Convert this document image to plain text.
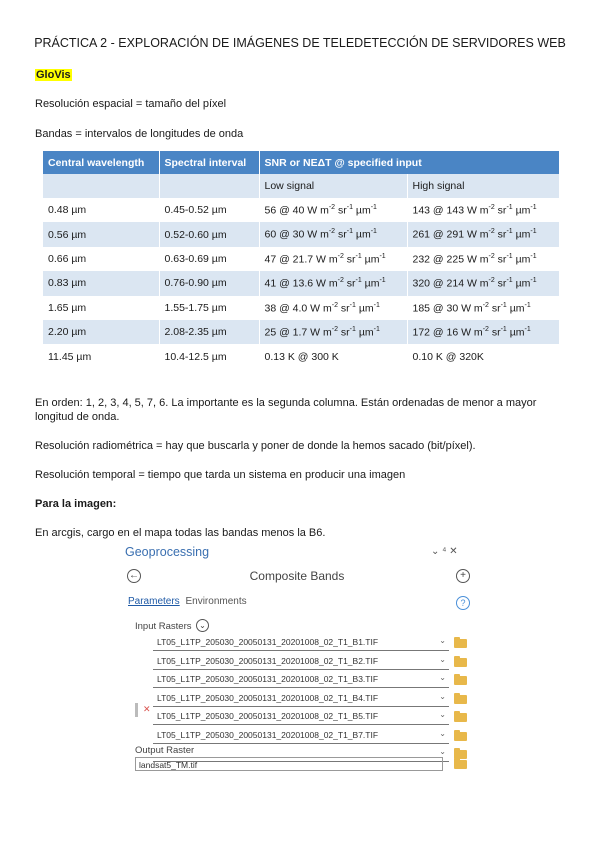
PRÁCTICA 2 - EXPLORACIÓN DE IMÁGENES DE TELEDETECCIÓN DE SERVIDORES WEB
GloVis
Resolución espacial = tamaño del píxel
Bandas = intervalos de longitudes de onda
Central wavelength	Spectral interval	SNR or NEΔT @ specified input	
		Low signal	High signal
0.48 µm	0.45-0.52 µm	56 @ 40 W $m^{-2}$ $sr^{-1}$ µm$^{-1}$	143 @ 143 W $m^{-2}$ $sr^{-1}$ µm$^{-1}$
0.56 µm	0.52-0.60 µm	60 @ 30 W $m^{-2}$ $sr^{-1}$ µm$^{-1}$	261 @ 291 W $m^{-2}$ $sr^{-1}$ µm$^{-1}$
0.66 µm	0.63-0.69 µm	47 @ 21.7 W $m^{-2}$ $sr^{-1}$ µm$^{-1}$	232 @ 225 W $m^{-2}$ $sr^{-1}$ µm$^{-1}$
0.83 µm	0.76-0.90 µm	41 @ 13.6 W $m^{-2}$ $sr^{-1}$ µm$^{-1}$	320 @ 214 W $m^{-2}$ $sr^{-1}$ µm$^{-1}$
1.65 µm	1.55-1.75 µm	38 @ 4.0 W $m^{-2}$ $sr^{-1}$ µm$^{-1}$	185 @ 30 W $m^{-2}$ $sr^{-1}$ µm$^{-1}$
2.20 µm	2.08-2.35 µm	25 @ 1.7 W $m^{-2}$ $sr^{-1}$ µm$^{-1}$	172 @ 16 W $m^{-2}$ $sr^{-1}$ µm$^{-1}$
11.45 µm	10.4-12.5 µm	0.13 K @ 300 K	0.10 K @ 320K
En orden: 1, 2, 3, 4, 5, 7, 6. La importante es la segunda columna. Están ordenadas de menor a mayor longitud de onda.
Resolución radiométrica = hay que buscarla y poner de donde la hemos sacado (bit/píxel).
Resolución temporal = tiempo que tarda un sistema en producir una imagen
Para la imagen:
En arcgis, cargo en el mapa todas las bandas menos la B6.
Geoprocessing	⌄ ⁴ ✕
←	Composite Bands	+
Parameters Environments	?
Input Rasters ⌄
LT05_L1TP_205030_20050131_20201008_02_T1_B1.TIF	⌄
LT05_L1TP_205030_20050131_20201008_02_T1_B2.TIF	⌄
LT05_L1TP_205030_20050131_20201008_02_T1_B3.TIF	⌄
LT05_L1TP_205030_20050131_20201008_02_T1_B4.TIF	⌄
LT05_L1TP_205030_20050131_20201008_02_T1_B5.TIF	⌄
LT05_L1TP_205030_20050131_20201008_02_T1_B7.TIF	⌄
⌄
✕
Output Raster
landsat5_TM.tif
